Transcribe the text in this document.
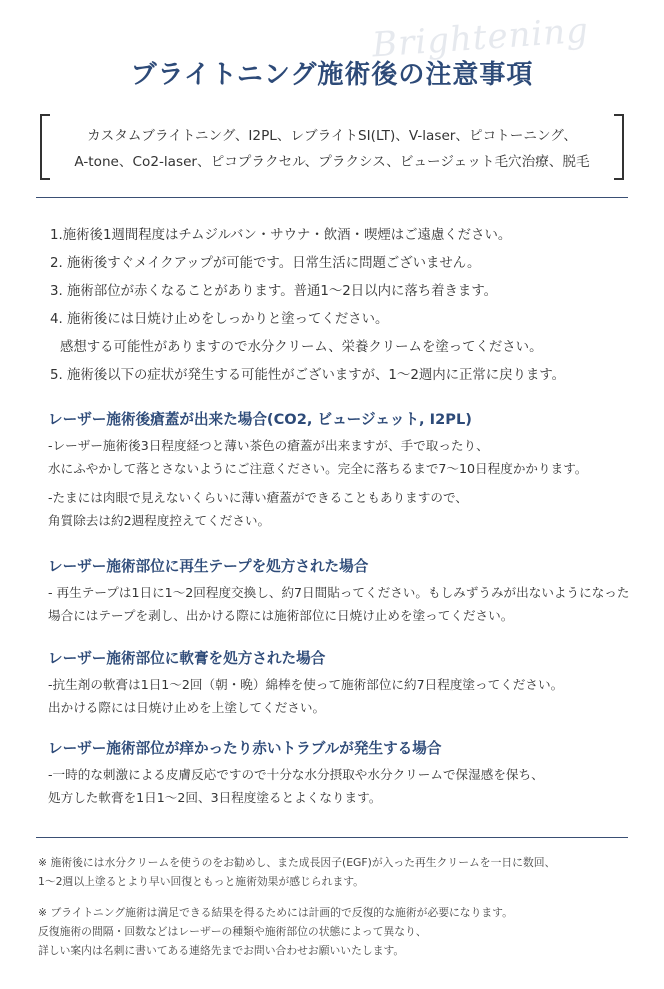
Brightening
ブライトニング施術後の注意事項
カスタムブライトニング、I2PL、レブライトSI(LT)、V-laser、ピコトーニング、
A-tone、Co2-laser、ピコプラクセル、プラクシス、ビュージェット毛穴治療、脱毛
1.施術後1週間程度はチムジルバン・サウナ・飲酒・喫煙はご遠慮ください。
2. 施術後すぐメイクアップが可能です。日常生活に問題ございません。
3. 施術部位が赤くなることがあります。普通1～2日以内に落ち着きます。
4. 施術後には日焼け止めをしっかりと塗ってください。
感想する可能性がありますので水分クリーム、栄養クリームを塗ってください。
5. 施術後以下の症状が発生する可能性がございますが、1～2週内に正常に戻ります。
レーザー施術後瘡蓋が出来た場合(CO2, ビュージェット, I2PL)
-レーザー施術後3日程度経つと薄い茶色の瘡蓋が出来ますが、手で取ったり、
水にふやかして落とさないようにご注意ください。完全に落ちるまで7～10日程度かかります。
-たまには肉眼で見えないくらいに薄い瘡蓋ができることもありますので、
角質除去は約2週程度控えてください。
レーザー施術部位に再生テープを処方された場合
- 再生テープは1日に1～2回程度交換し、約7日間貼ってください。もしみずうみが出ないようになった
場合にはテープを剥し、出かける際には施術部位に日焼け止めを塗ってください。
レーザー施術部位に軟膏を処方された場合
-抗生剤の軟膏は1日1～2回（朝・晩）綿棒を使って施術部位に約7日程度塗ってください。
出かける際には日焼け止めを上塗してください。
レーザー施術部位が痒かったり赤いトラブルが発生する場合
-一時的な刺激による皮膚反応ですので十分な水分摂取や水分クリームで保湿感を保ち、
処方した軟膏を1日1～2回、3日程度塗るとよくなります。
※ 施術後には水分クリームを使うのをお勧めし、また成長因子(EGF)が入った再生クリームを一日に数回、
1～2週以上塗るとより早い回復ともっと施術効果が感じられます。
※ ブライトニング施術は満足できる結果を得るためには計画的で反復的な施術が必要になります。
反復施術の間隔・回数などはレーザーの種類や施術部位の状態によって異なり、
詳しい案内は名刺に書いてある連絡先までお問い合わせお願いいたします。
